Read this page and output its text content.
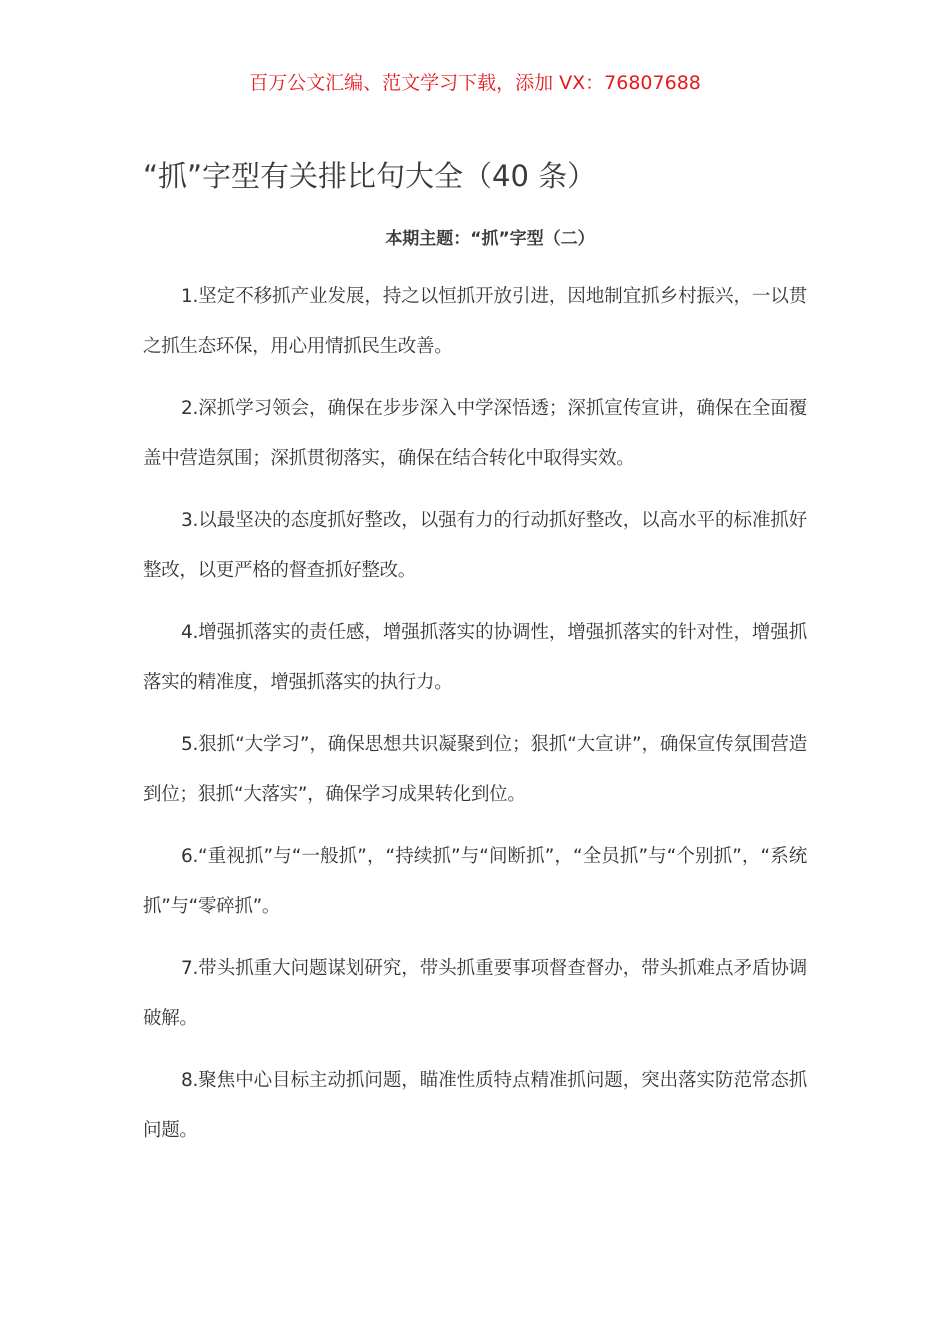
百万公文汇编、范文学习下载，添加 VX：76807688
“抓”字型有关排比句大全（40 条）
本期主题：“抓”字型（二）

1.坚定不移抓产业发展，持之以恒抓开放引进，因地制宜抓乡村振兴，一以贯之抓生态环保，用心用情抓民生改善。

2.深抓学习领会，确保在步步深入中学深悟透；深抓宣传宣讲，确保在全面覆盖中营造氛围；深抓贯彻落实，确保在结合转化中取得实效。

3.以最坚决的态度抓好整改，以强有力的行动抓好整改，以高水平的标准抓好整改，以更严格的督查抓好整改。

4.增强抓落实的责任感，增强抓落实的协调性，增强抓落实的针对性，增强抓落实的精准度，增强抓落实的执行力。

5.狠抓“大学习”，确保思想共识凝聚到位；狠抓“大宣讲”，确保宣传氛围营造到位；狠抓“大落实”，确保学习成果转化到位。

6.“重视抓”与“一般抓”，“持续抓”与“间断抓”，“全员抓”与“个别抓”，“系统抓”与“零碎抓”。

7.带头抓重大问题谋划研究，带头抓重要事项督查督办，带头抓难点矛盾协调破解。

8.聚焦中心目标主动抓问题，瞄准性质特点精准抓问题，突出落实防范常态抓问题。
